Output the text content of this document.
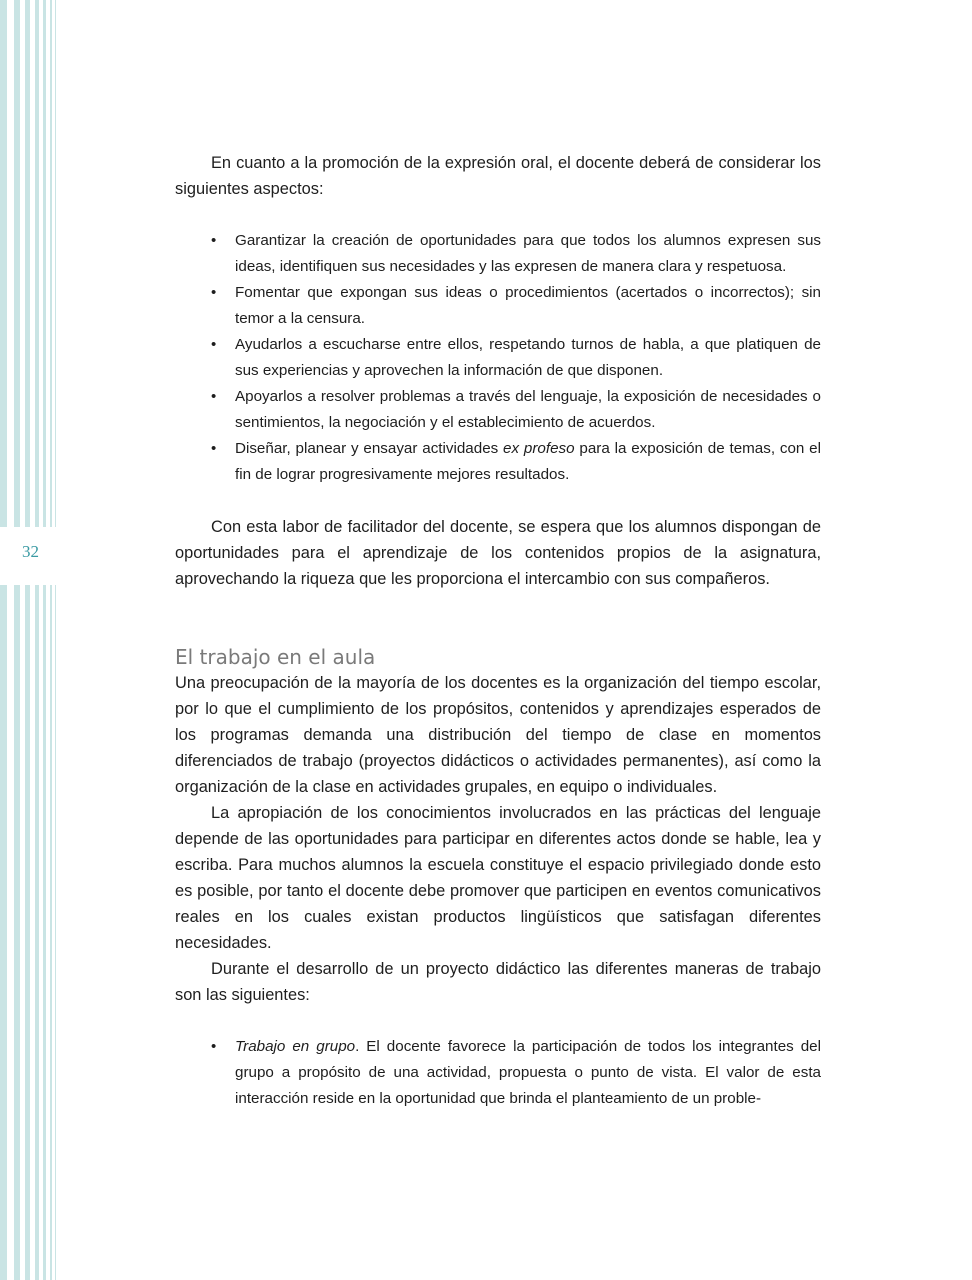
32

En cuanto a la promoción de la expresión oral, el docente deberá de considerar los siguientes aspectos:

• Garantizar la creación de oportunidades para que todos los alumnos expresen sus ideas, identifiquen sus necesidades y las expresen de manera clara y respetuosa.
• Fomentar que expongan sus ideas o procedimientos (acertados o incorrectos); sin temor a la censura.
• Ayudarlos a escucharse entre ellos, respetando turnos de habla, a que platiquen de sus experiencias y aprovechen la información de que disponen.
• Apoyarlos a resolver problemas a través del lenguaje, la exposición de necesidades o sentimientos, la negociación y el establecimiento de acuerdos.
• Diseñar, planear y ensayar actividades ex profeso para la exposición de temas, con el fin de lograr progresivamente mejores resultados.

Con esta labor de facilitador del docente, se espera que los alumnos dispongan de oportunidades para el aprendizaje de los contenidos propios de la asignatura, aprovechando la riqueza que les proporciona el intercambio con sus compañeros.

El trabajo en el aula

Una preocupación de la mayoría de los docentes es la organización del tiempo escolar, por lo que el cumplimiento de los propósitos, contenidos y aprendizajes esperados de los programas demanda una distribución del tiempo de clase en momentos diferenciados de trabajo (proyectos didácticos o actividades permanentes), así como la organización de la clase en actividades grupales, en equipo o individuales.

La apropiación de los conocimientos involucrados en las prácticas del lenguaje depende de las oportunidades para participar en diferentes actos donde se hable, lea y escriba. Para muchos alumnos la escuela constituye el espacio privilegiado donde esto es posible, por tanto el docente debe promover que participen en eventos comunicativos reales en los cuales existan productos lingüísticos que satisfagan diferentes necesidades.

Durante el desarrollo de un proyecto didáctico las diferentes maneras de trabajo son las siguientes:

• Trabajo en grupo. El docente favorece la participación de todos los integrantes del grupo a propósito de una actividad, propuesta o punto de vista. El valor de esta interacción reside en la oportunidad que brinda el planteamiento de un proble-
